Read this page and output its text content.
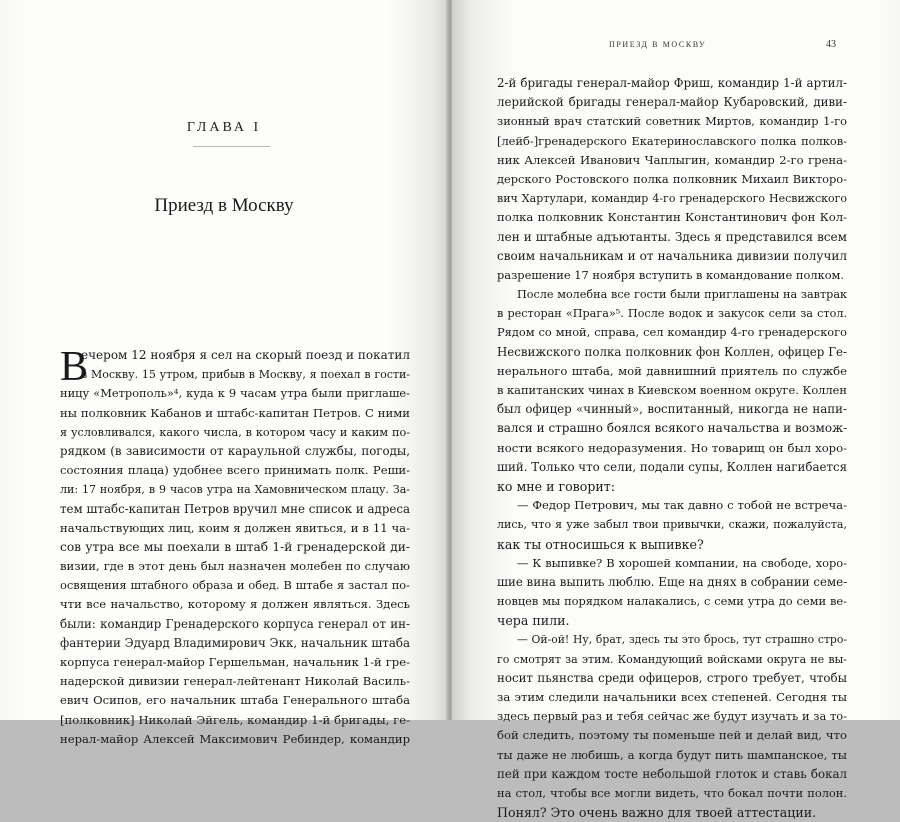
ГЛАВА I
Приезд в Москву
В
ечером 12 ноября я сел на скорый поезд и покатил
в Москву. 15 утром, прибыв в Москву, я поехал в гости-
ницу «Метрополь»⁴, куда к 9 часам утра были приглаше-
ны полковник Кабанов и штабс-капитан Петров. С ними
я условливался, какого числа, в котором часу и каким по-
рядком (в зависимости от караульной службы, погоды,
состояния плаца) удобнее всего принимать полк. Реши-
ли: 17 ноября, в 9 часов утра на Хамовническом плацу. За-
тем штабс-капитан Петров вручил мне список и адреса
начальствующих лиц, коим я должен явиться, и в 11 ча-
сов утра все мы поехали в штаб 1-й гренадерской ди-
визии, где в этот день был назначен молебен по случаю
освящения штабного образа и обед. В штабе я застал по-
чти все начальство, которому я должен являться. Здесь
были: командир Гренадерского корпуса генерал от ин-
фантерии Эдуард Владимирович Экк, начальник штаба
корпуса генерал-майор Гершельман, начальник 1-й гре-
надерской дивизии генерал-лейтенант Николай Василь-
евич Осипов, его начальник штаба Генерального штаба
[полковник] Николай Эйгель, командир 1-й бригады, ге-
нерал-майор Алексей Максимович Ребиндер, командир
ПРИЕЗД В МОСКВУ	43
2-й бригады генерал-майор Фриш, командир 1-й артил-
лерийской бригады генерал-майор Кубаровский, диви-
зионный врач статский советник Миртов, командир 1-го
[лейб-]гренадерского Екатеринославского полка полков-
ник Алексей Иванович Чаплыгин, командир 2-го грена-
дерского Ростовского полка полковник Михаил Викторо-
вич Хартулари, командир 4-го гренадерского Несвижского
полка полковник Константин Константинович фон Кол-
лен и штабные адъютанты. Здесь я представился всем
своим начальникам и от начальника дивизии получил
разрешение 17 ноября вступить в командование полком.
После молебна все гости были приглашены на завтрак
в ресторан «Прага»⁵. После водок и закусок сели за стол.
Рядом со мной, справа, сел командир 4-го гренадерского
Несвижского полка полковник фон Коллен, офицер Ге-
нерального штаба, мой давнишний приятель по службе
в капитанских чинах в Киевском военном округе. Коллен
был офицер «чинный», воспитанный, никогда не напи-
вался и страшно боялся всякого начальства и возмож-
ности всякого недоразумения. Но товарищ он был хоро-
ший. Только что сели, подали супы, Коллен нагибается
ко мне и говорит:
— Федор Петрович, мы так давно с тобой не встреча-
лись, что я уже забыл твои привычки, скажи, пожалуйста,
как ты относишься к выпивке?
— К выпивке? В хорошей компании, на свободе, хоро-
шие вина выпить люблю. Еще на днях в собрании семе-
новцев мы порядком налакались, с семи утра до семи ве-
чера пили.
— Ой-ой! Ну, брат, здесь ты это брось, тут страшно стро-
го смотрят за этим. Командующий войсками округа не вы-
носит пьянства среди офицеров, строго требует, чтобы
за этим следили начальники всех степеней. Сегодня ты
здесь первый раз и тебя сейчас же будут изучать и за то-
бой следить, поэтому ты поменьше пей и делай вид, что
ты даже не любишь, а когда будут пить шампанское, ты
пей при каждом тосте небольшой глоток и ставь бокал
на стол, чтобы все могли видеть, что бокал почти полон.
Понял? Это очень важно для твоей аттестации.
